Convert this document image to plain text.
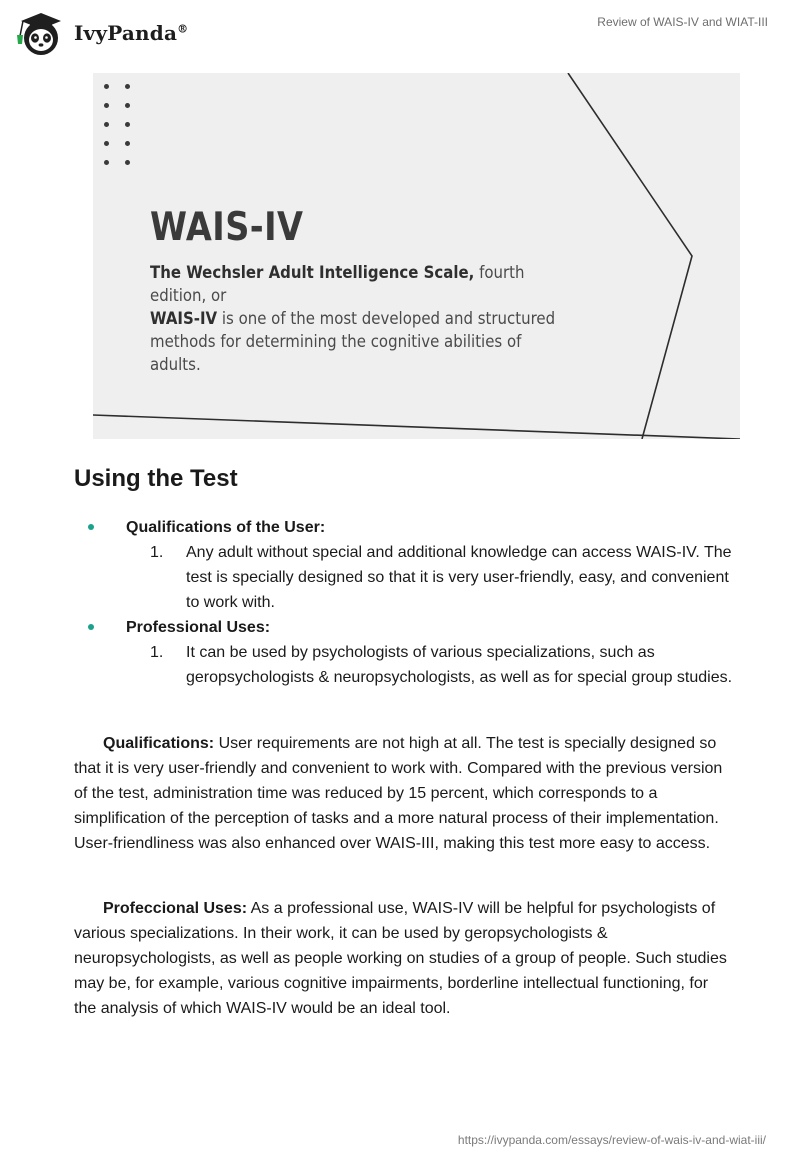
IvyPanda®	Review of WAIS-IV and WIAT-III
WAIS-IV

The Wechsler Adult Intelligence Scale, fourth edition, or
WAIS-IV is one of the most developed and structured methods for determining the cognitive abilities of adults.

Using the Test
Qualifications of the User:
1. Any adult without special and additional knowledge can access WAIS-IV. The test is specially designed so that it is very user-friendly, easy, and convenient to work with.
Professional Uses:
1. It can be used by psychologists of various specializations, such as geropsychologists & neuropsychologists, as well as for special group studies.

Qualifications: User requirements are not high at all. The test is specially designed so that it is very user-friendly and convenient to work with. Compared with the previous version of the test, administration time was reduced by 15 percent, which corresponds to a simplification of the perception of tasks and a more natural process of their implementation. User-friendliness was also enhanced over WAIS-III, making this test more easy to access.

Profeccional Uses: As a professional use, WAIS-IV will be helpful for psychologists of various specializations. In their work, it can be used by geropsychologists & neuropsychologists, as well as people working on studies of a group of people. Such studies may be, for example, various cognitive impairments, borderline intellectual functioning, for the analysis of which WAIS-IV would be an ideal tool.

https://ivypanda.com/essays/review-of-wais-iv-and-wiat-iii/
